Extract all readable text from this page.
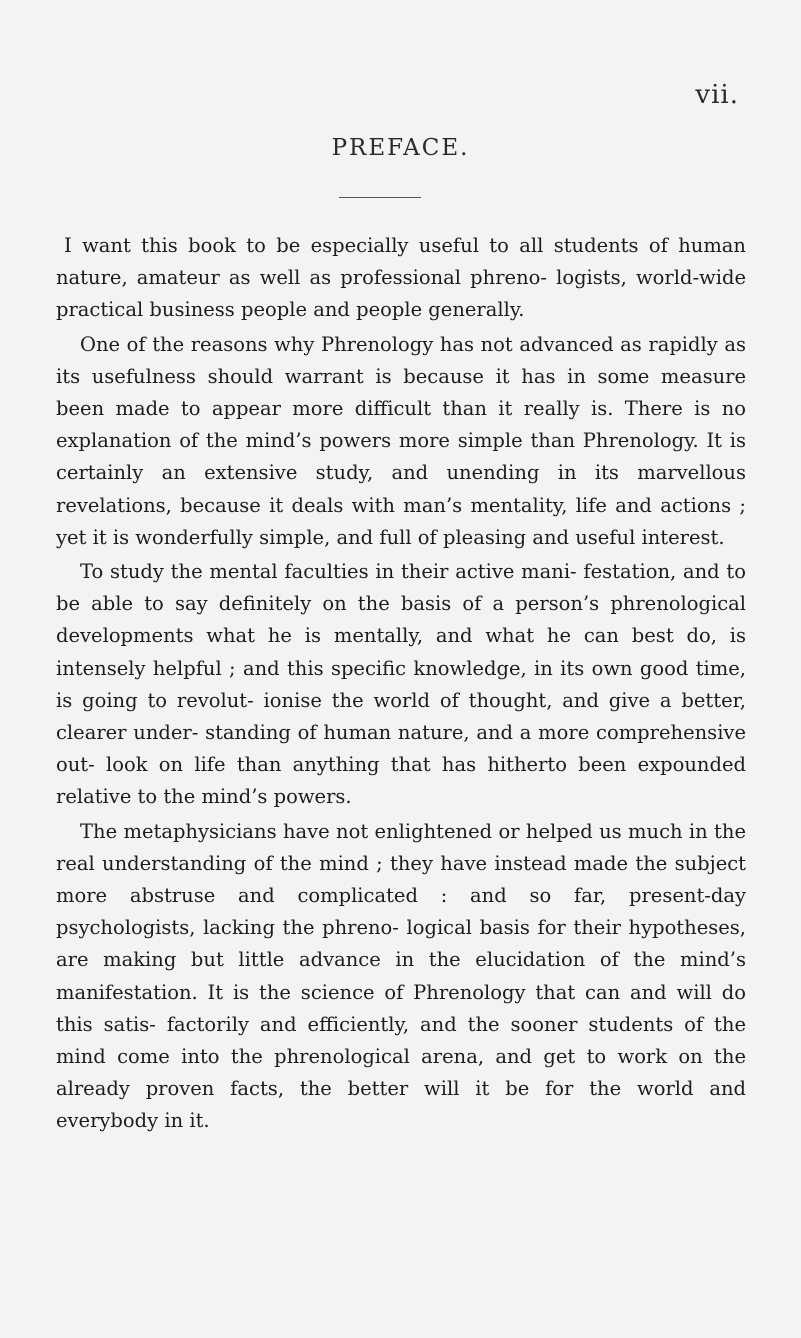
vii.
PREFACE.

I want this book to be especially useful to all students of human nature, amateur as well as professional phreno- logists, world-wide practical business people and people generally.

One of the reasons why Phrenology has not advanced as rapidly as its usefulness should warrant is because it has in some measure been made to appear more difficult than it really is. There is no explanation of the mind’s powers more simple than Phrenology. It is certainly an extensive study, and unending in its marvellous revelations, because it deals with man’s mentality, life and actions ; yet it is wonderfully simple, and full of pleasing and useful interest.

To study the mental faculties in their active mani- festation, and to be able to say definitely on the basis of a person’s phrenological developments what he is mentally, and what he can best do, is intensely helpful ; and this specific knowledge, in its own good time, is going to revolut- ionise the world of thought, and give a better, clearer under- standing of human nature, and a more comprehensive out- look on life than anything that has hitherto been expounded relative to the mind’s powers.

The metaphysicians have not enlightened or helped us much in the real understanding of the mind ; they have instead made the subject more abstruse and complicated : and so far, present-day psychologists, lacking the phreno- logical basis for their hypotheses, are making but little advance in the elucidation of the mind’s manifestation. It is the science of Phrenology that can and will do this satis- factorily and efficiently, and the sooner students of the mind come into the phrenological arena, and get to work on the already proven facts, the better will it be for the world and everybody in it.
